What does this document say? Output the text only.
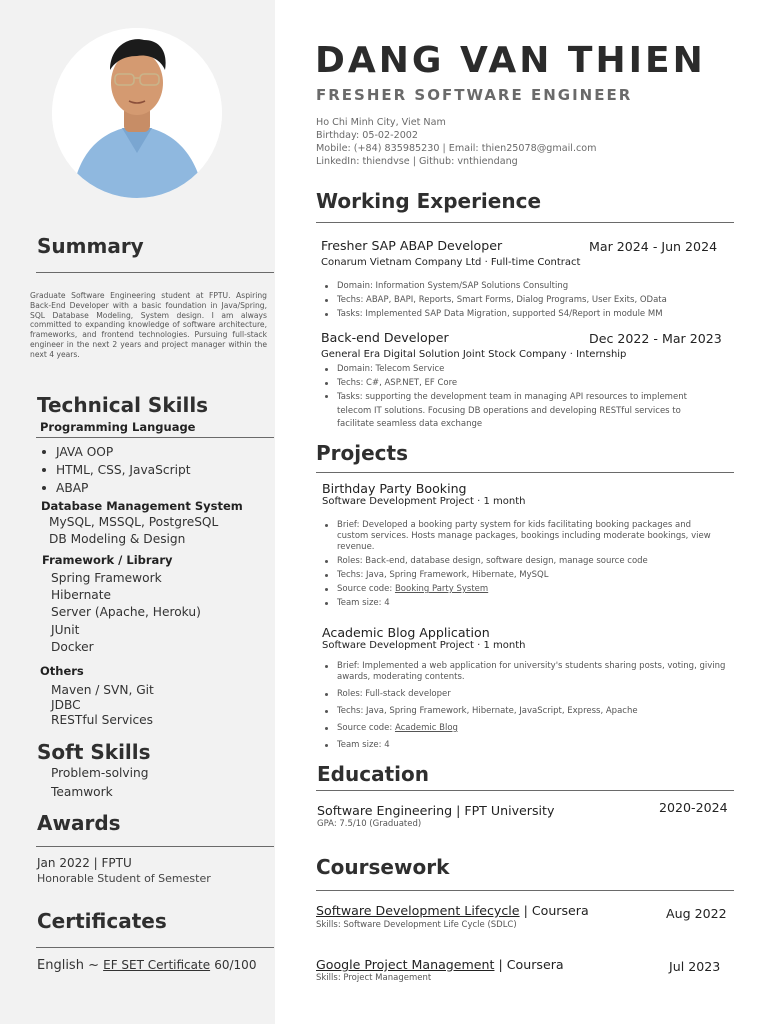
Summary
Graduate Software Engineering student at FPTU. Aspiring Back-End Developer with a basic foundation in Java/Spring, SQL Database Modeling, System design. I am always committed to expanding knowledge of software architecture, frameworks, and frontend technologies. Pursuing full-stack engineer in the next 2 years and project manager within the next 4 years.
Technical Skills
Programming Language
JAVA OOP
HTML, CSS, JavaScript
ABAP
Database Management System
MySQL, MSSQL, PostgreSQL
DB Modeling & Design
Framework / Library
Spring Framework
Hibernate
Server (Apache, Heroku)
JUnit
Docker
Others
Maven / SVN, Git
JDBC
RESTful Services
Soft Skills
Problem-solving
Teamwork
Awards
Jan 2022 | FPTU
Honorable Student of Semester
Certificates
English ~ EF SET Certificate 60/100
DANG VAN THIEN
FRESHER SOFTWARE ENGINEER
Ho Chi Minh City, Viet Nam
Birthday: 05-02-2002
Mobile: (+84) 835985230 | Email: thien25078@gmail.com
LinkedIn: thiendvse | Github: vnthiendang
Working Experience
Fresher SAP ABAP Developer	Mar 2024 - Jun 2024
Conarum Vietnam Company Ltd · Full-time Contract
Domain: Information System/SAP Solutions Consulting
Techs: ABAP, BAPI, Reports, Smart Forms, Dialog Programs, User Exits, OData
Tasks: Implemented SAP Data Migration, supported S4/Report in module MM
Back-end Developer	Dec 2022 - Mar 2023
General Era Digital Solution Joint Stock Company · Internship
Domain: Telecom Service
Techs: C#, ASP.NET, EF Core
Tasks: supporting the development team in managing API resources to implement telecom IT solutions. Focusing DB operations and developing RESTful services to facilitate seamless data exchange
Projects
Birthday Party Booking
Software Development Project · 1 month
Brief: Developed a booking party system for kids facilitating booking packages and custom services. Hosts manage packages, bookings including moderate bookings, view revenue.
Roles: Back-end, database design, software design, manage source code
Techs: Java, Spring Framework, Hibernate, MySQL
Source code: Booking Party System
Team size: 4
Academic Blog Application
Software Development Project · 1 month
Brief: Implemented a web application for university's students sharing posts, voting, giving awards, moderating contents.
Roles: Full-stack developer
Techs: Java, Spring Framework, Hibernate, JavaScript, Express, Apache
Source code: Academic Blog
Team size: 4
Education
Software Engineering | FPT University	2020-2024
GPA: 7.5/10 (Graduated)
Coursework
Software Development Lifecycle | Coursera	Aug 2022
Skills: Software Development Life Cycle (SDLC)
Google Project Management | Coursera	Jul 2023
Skills: Project Management
